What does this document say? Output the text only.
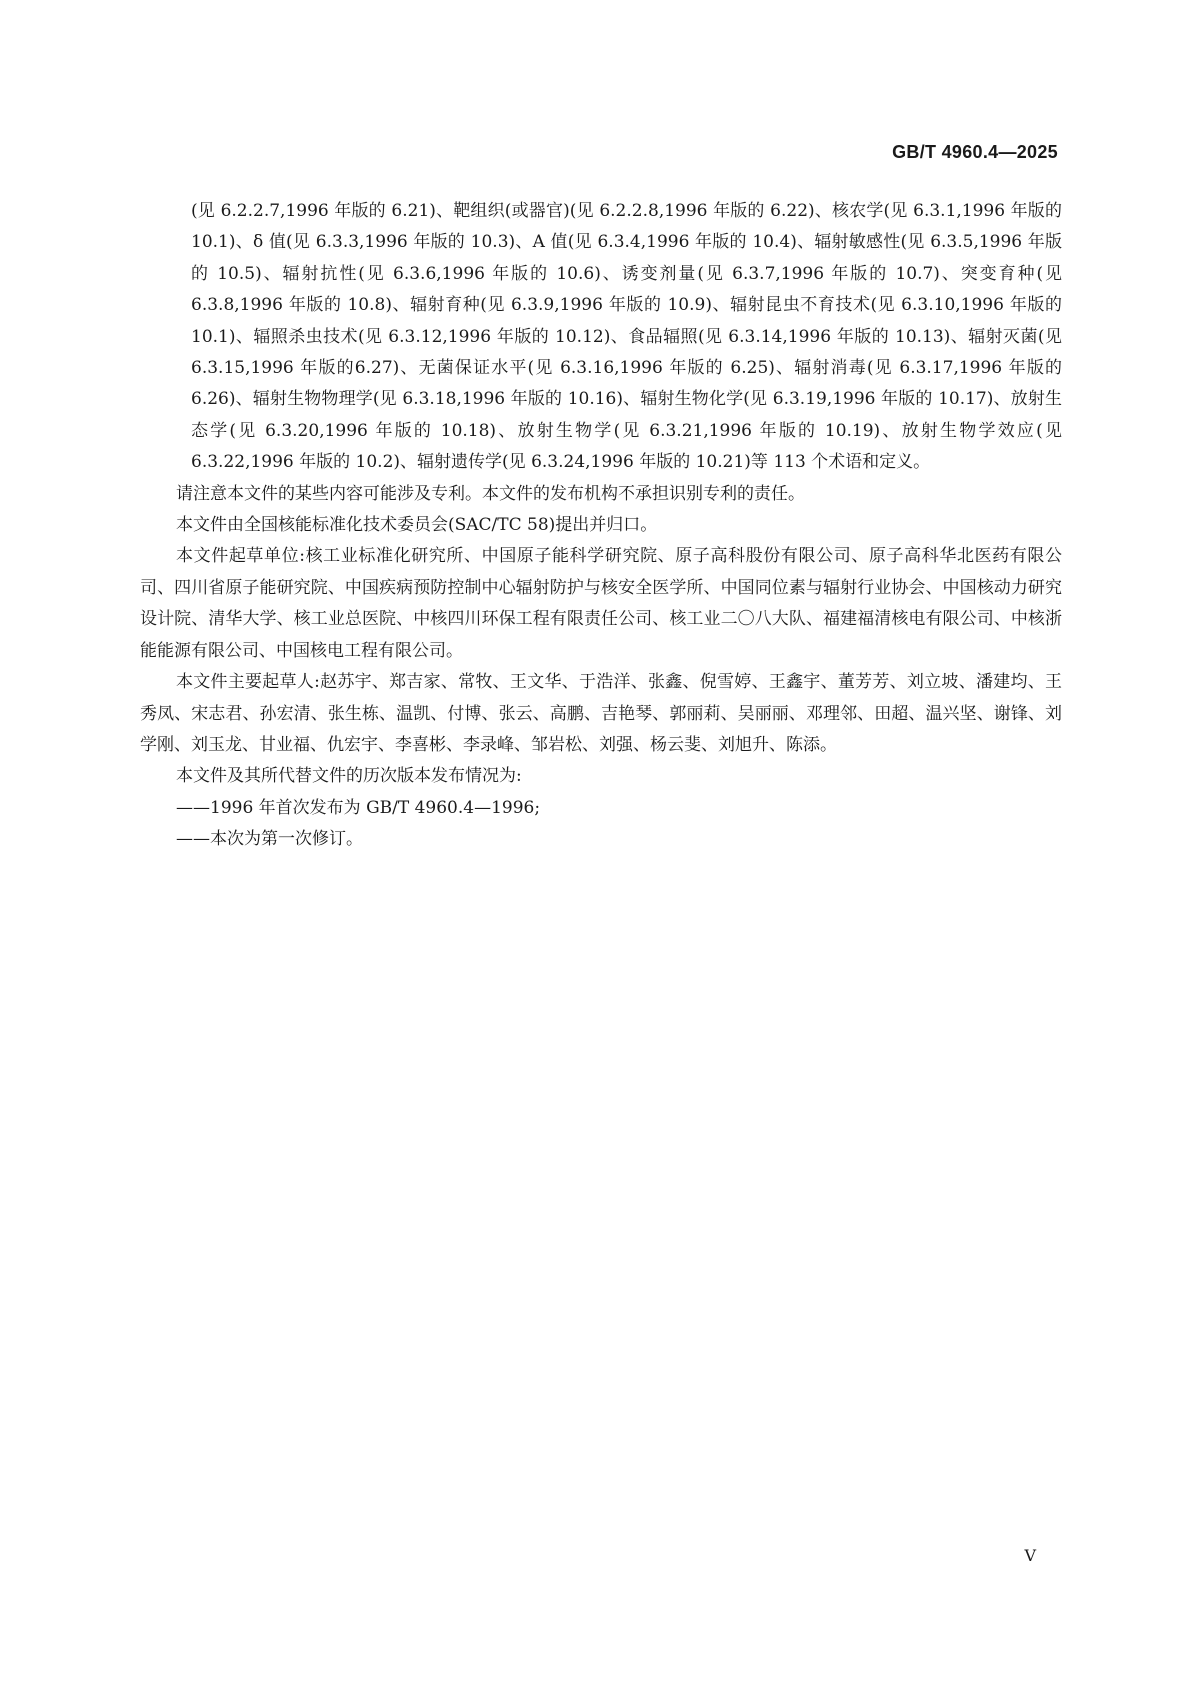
GB/T 4960.4—2025

(见 6.2.2.7,1996 年版的 6.21)、靶组织(或器官)(见 6.2.2.8,1996 年版的 6.22)、核农学(见 6.3.1,1996 年版的 10.1)、δ 值(见 6.3.3,1996 年版的 10.3)、A 值(见 6.3.4,1996 年版的 10.4)、辐射敏感性(见 6.3.5,1996 年版的 10.5)、辐射抗性(见 6.3.6,1996 年版的 10.6)、诱变剂量(见 6.3.7,1996 年版的 10.7)、突变育种(见 6.3.8,1996 年版的 10.8)、辐射育种(见 6.3.9,1996 年版的 10.9)、辐射昆虫不育技术(见 6.3.10,1996 年版的 10.1)、辐照杀虫技术(见 6.3.12,1996 年版的 10.12)、食品辐照(见 6.3.14,1996 年版的 10.13)、辐射灭菌(见 6.3.15,1996 年版的6.27)、无菌保证水平(见 6.3.16,1996 年版的 6.25)、辐射消毒(见 6.3.17,1996 年版的 6.26)、辐射生物物理学(见 6.3.18,1996 年版的 10.16)、辐射生物化学(见 6.3.19,1996 年版的 10.17)、放射生态学(见 6.3.20,1996 年版的 10.18)、放射生物学(见 6.3.21,1996 年版的 10.19)、放射生物学效应(见 6.3.22,1996 年版的 10.2)、辐射遗传学(见 6.3.24,1996 年版的 10.21)等 113 个术语和定义。

请注意本文件的某些内容可能涉及专利。本文件的发布机构不承担识别专利的责任。

本文件由全国核能标准化技术委员会(SAC/TC 58)提出并归口。

本文件起草单位:核工业标准化研究所、中国原子能科学研究院、原子高科股份有限公司、原子高科华北医药有限公司、四川省原子能研究院、中国疾病预防控制中心辐射防护与核安全医学所、中国同位素与辐射行业协会、中国核动力研究设计院、清华大学、核工业总医院、中核四川环保工程有限责任公司、核工业二〇八大队、福建福清核电有限公司、中核浙能能源有限公司、中国核电工程有限公司。

本文件主要起草人:赵苏宇、郑吉家、常牧、王文华、于浩洋、张鑫、倪雪婷、王鑫宇、董芳芳、刘立坡、潘建均、王秀凤、宋志君、孙宏清、张生栋、温凯、付博、张云、高鹏、吉艳琴、郭丽莉、吴丽丽、邓理邻、田超、温兴坚、谢锋、刘学刚、刘玉龙、甘业福、仇宏宇、李喜彬、李录峰、邹岩松、刘强、杨云斐、刘旭升、陈添。

本文件及其所代替文件的历次版本发布情况为:

——1996 年首次发布为 GB/T 4960.4—1996;

——本次为第一次修订。

V
